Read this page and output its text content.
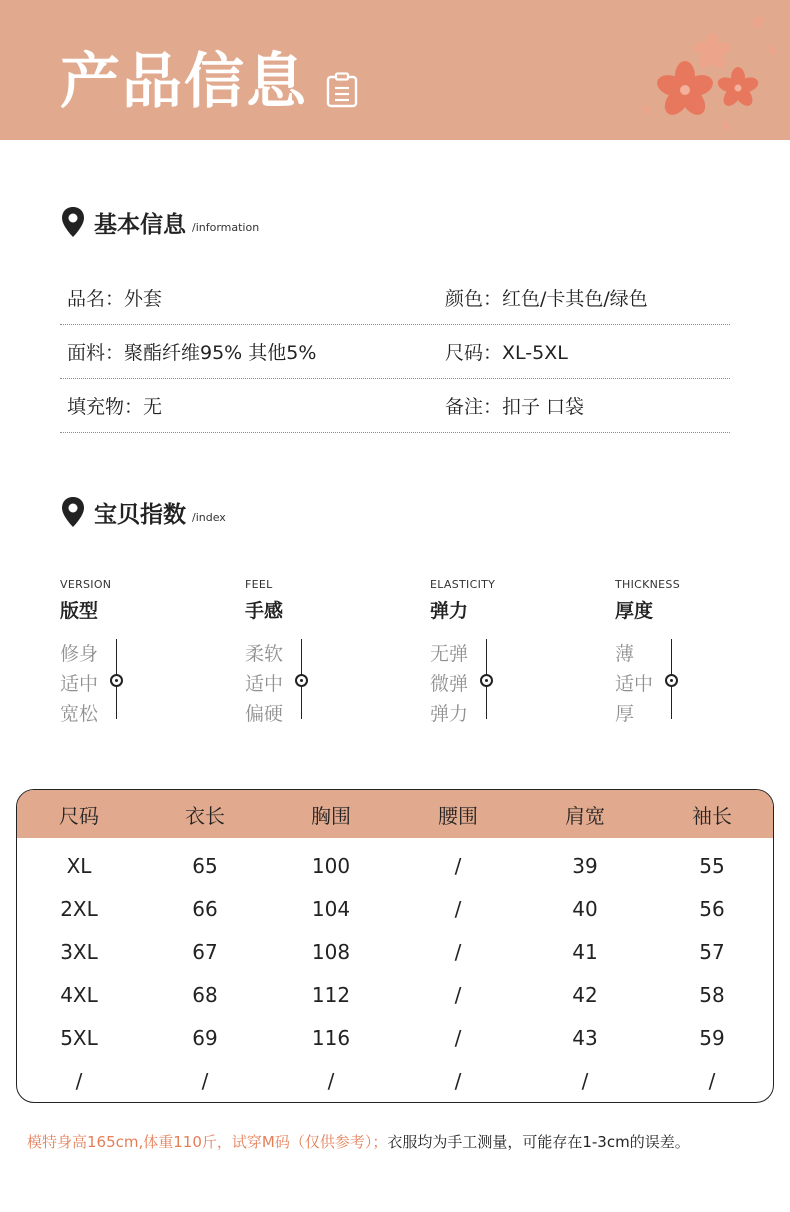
产品信息
基本信息 /information
品名：外套	颜色：红色/卡其色/绿色
面料：聚酯纤维95% 其他5%	尺码：XL-5XL
填充物：无	备注：扣子 口袋
宝贝指数 /index
VERSION
版型
修身
适中
宽松
FEEL
手感
柔软
适中
偏硬
ELASTICITY
弹力
无弹
微弹
弹力
THICKNESS
厚度
薄
适中
厚
尺码	衣长	胸围	腰围	肩宽	袖长
XL	65	100	/	39	55
2XL	66	104	/	40	56
3XL	67	108	/	41	57
4XL	68	112	/	42	58
5XL	69	116	/	43	59
/	/	/	/	/	/
模特身高165cm,体重110斤，试穿M码（仅供参考）；衣服均为手工测量，可能存在1-3cm的误差。
